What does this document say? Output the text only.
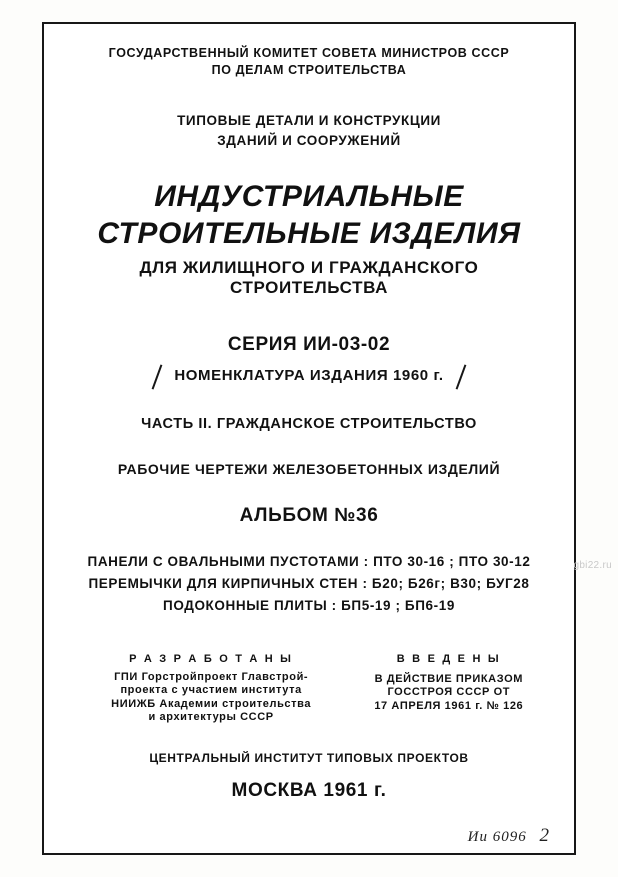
ГОСУДАРСТВЕННЫЙ КОМИТЕТ СОВЕТА МИНИСТРОВ СССР
ПО ДЕЛАМ СТРОИТЕЛЬСТВА
ТИПОВЫЕ ДЕТАЛИ И КОНСТРУКЦИИ
ЗДАНИЙ И СООРУЖЕНИЙ
ИНДУСТРИАЛЬНЫЕ
СТРОИТЕЛЬНЫЕ ИЗДЕЛИЯ
ДЛЯ ЖИЛИЩНОГО И ГРАЖДАНСКОГО
СТРОИТЕЛЬСТВА
СЕРИЯ ИИ-03-02
НОМЕНКЛАТУРА ИЗДАНИЯ 1960 г.
ЧАСТЬ II. ГРАЖДАНСКОЕ СТРОИТЕЛЬСТВО
РАБОЧИЕ ЧЕРТЕЖИ ЖЕЛЕЗОБЕТОННЫХ ИЗДЕЛИЙ
АЛЬБОМ №36
ПАНЕЛИ С ОВАЛЬНЫМИ ПУСТОТАМИ : ПТО 30-16 ; ПТО 30-12
ПЕРЕМЫЧКИ ДЛЯ КИРПИЧНЫХ СТЕН : Б20; Б26г; В30; БУГ28
ПОДОКОННЫЕ ПЛИТЫ : БП5-19 ; БП6-19
Р А З Р А Б О Т А Н Ы
ГПИ Горстройпроект Главстрой-
проекта с участием института
НИИЖБ Академии строительства
и архитектуры СССР
В В Е Д Е Н Ы
В ДЕЙСТВИЕ ПРИКАЗОМ
ГОССТРОЯ СССР ОТ
17 АПРЕЛЯ 1961 г. № 126
ЦЕНТРАЛЬНЫЙ ИНСТИТУТ ТИПОВЫХ ПРОЕКТОВ
МОСКВА 1961 г.
Иu 6096 2
gbi22.ru
